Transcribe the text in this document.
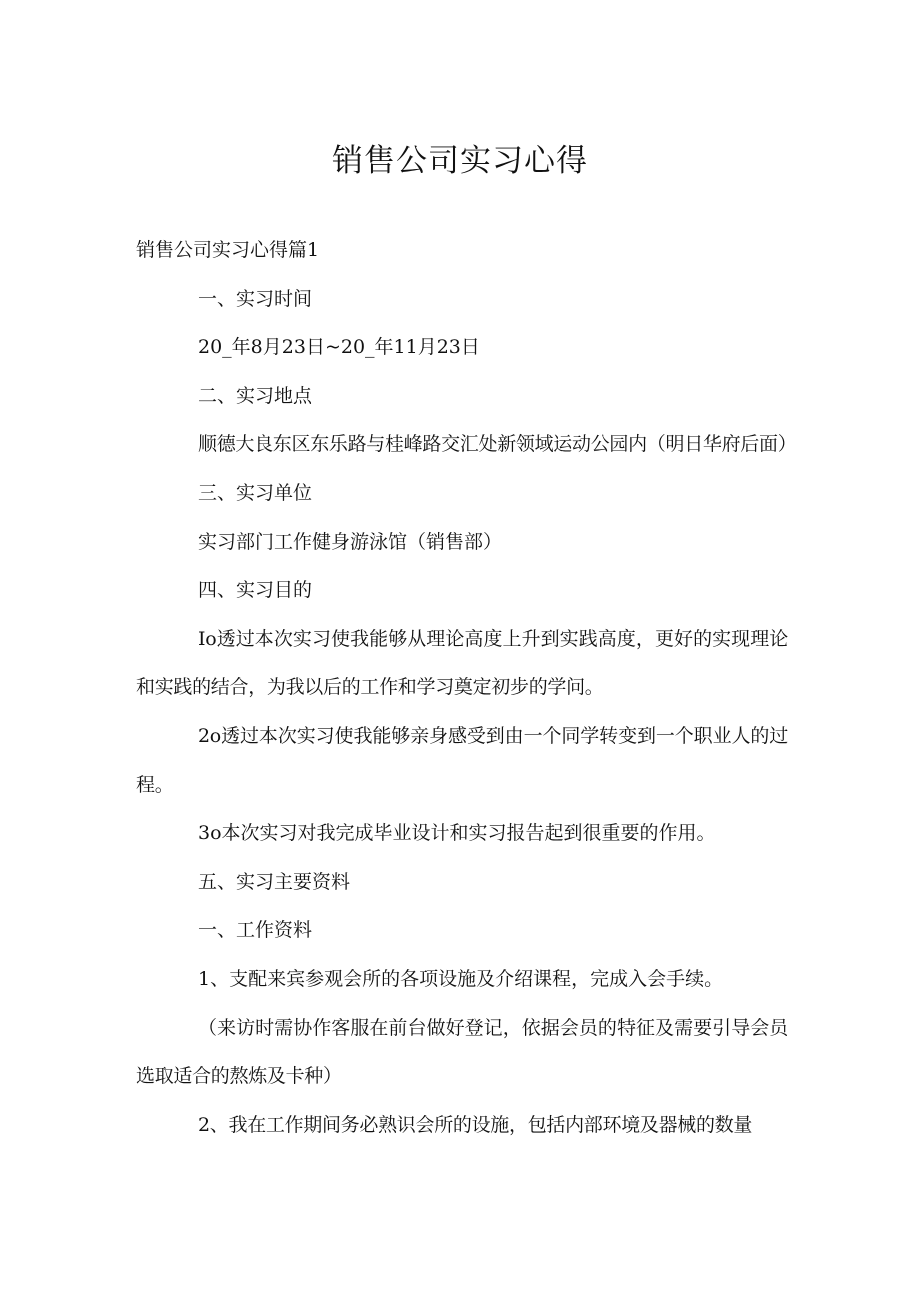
销售公司实习心得

销售公司实习心得篇1

一、实习时间

20_年8月23日~20_年11月23日

二、实习地点

顺德大良东区东乐路与桂峰路交汇处新领域运动公园内（明日华府后面）

三、实习单位

实习部门工作健身游泳馆（销售部）

四、实习目的

Io透过本次实习使我能够从理论高度上升到实践高度，更好的实现理论和实践的结合，为我以后的工作和学习奠定初步的学问。

2o透过本次实习使我能够亲身感受到由一个同学转变到一个职业人的过程。

3o本次实习对我完成毕业设计和实习报告起到很重要的作用。

五、实习主要资料

一、工作资料

1、支配来宾参观会所的各项设施及介绍课程，完成入会手续。

（来访时需协作客服在前台做好登记，依据会员的特征及需要引导会员选取适合的熬炼及卡种）

2、我在工作期间务必熟识会所的设施，包括内部环境及器械的数量
